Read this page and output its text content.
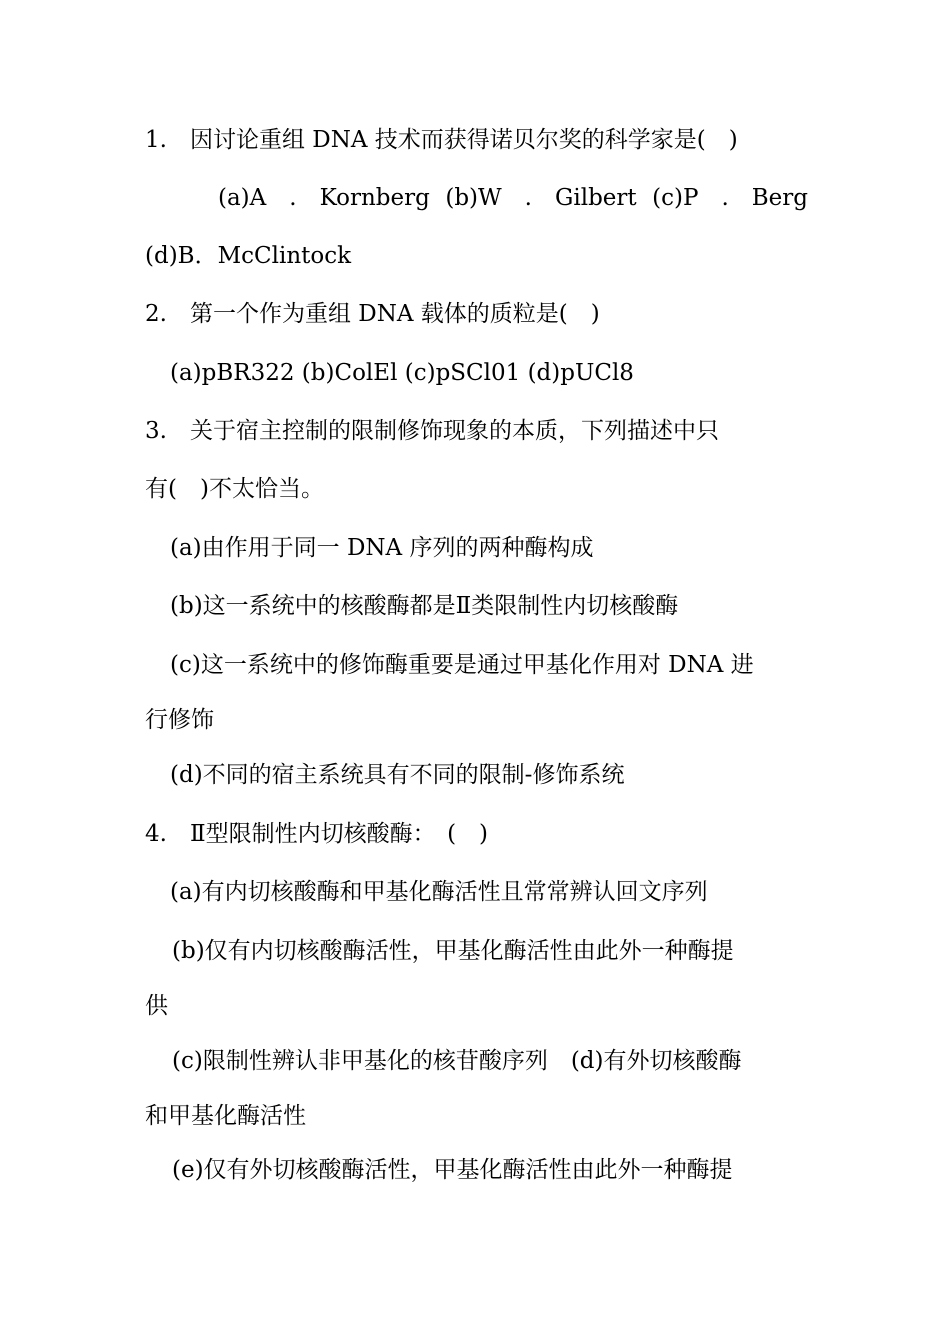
1.　因讨论重组 DNA 技术而获得诺贝尔奖的科学家是(　)
(a)A　.　Kornberg (b)W　.　Gilbert (c)P　.　Berg
(d)B．McClintock
2.　第一个作为重组 DNA 载体的质粒是(　)
(a)pBR322 (b)ColEl (c)pSCl01 (d)pUCl8
3.　关于宿主控制的限制修饰现象的本质，下列描述中只
有(　)不太恰当。
(a)由作用于同一 DNA 序列的两种酶构成
(b)这一系统中的核酸酶都是Ⅱ类限制性内切核酸酶
(c)这一系统中的修饰酶重要是通过甲基化作用对 DNA 进
行修饰
(d)不同的宿主系统具有不同的限制-修饰系统
4.　Ⅱ型限制性内切核酸酶：　(　)
(a)有内切核酸酶和甲基化酶活性且常常辨认回文序列
(b)仅有内切核酸酶活性，甲基化酶活性由此外一种酶提
供
(c)限制性辨认非甲基化的核苷酸序列　(d)有外切核酸酶
和甲基化酶活性
(e)仅有外切核酸酶活性，甲基化酶活性由此外一种酶提
